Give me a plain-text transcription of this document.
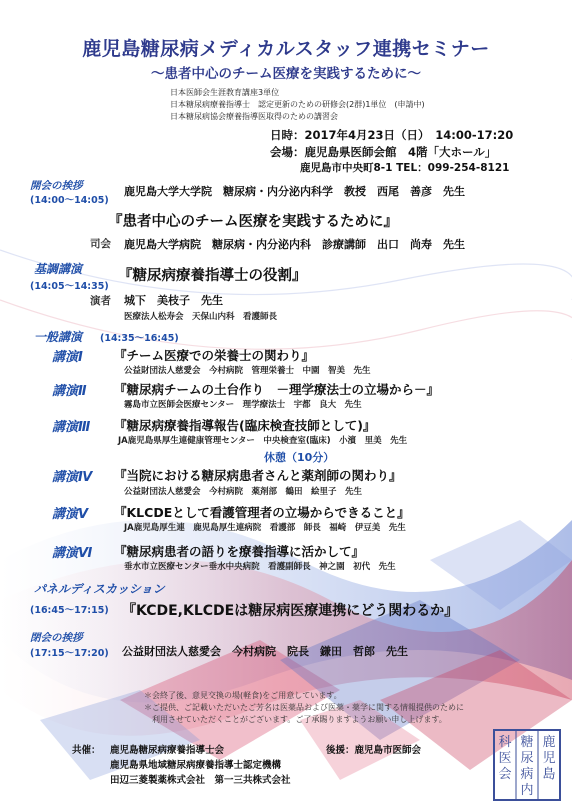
鹿児島糖尿病メディカルスタッフ連携セミナー
～患者中心のチーム医療を実践するために～
日本医師会生涯教育講座3単位
日本糖尿病療養指導士　認定更新のための研修会(2群)1単位　(申請中)
日本糖尿病協会療養指導医取得のための講習会
日時：2017年4月23日（日）　14:00-17:20
会場：鹿児島県医師会館　4階「大ホール」
鹿児島市中央町8-1 TEL：099-254-8121
開会の挨拶
(14:00～14:05)
鹿児島大学大学院　糖尿病・内分泌内科学　教授　西尾　善彦　先生
『患者中心のチーム医療を実践するために』
司会 鹿児島大学病院　糖尿病・内分泌内科　診療講師　出口　尚寿　先生
基調講演
(14:05～14:35)
『糖尿病療養指導士の役割』
演者 城下　美枝子　先生
医療法人松寿会　天保山内科　看護師長
一般講演 (14:35～16:45)
講演Ⅰ 『チーム医療での栄養士の関わり』
公益財団法人慈愛会　今村病院　管理栄養士　中園　智美　先生
講演Ⅱ 『糖尿病チームの土台作り　－理学療法士の立場から－』
霧島市立医師会医療センター　理学療法士　宇都　良大　先生
講演Ⅲ 『糖尿病療養指導報告(臨床検査技師として)』
JA鹿児島県厚生連健康管理センター　中央検査室(臨床)　小濱　里美　先生
休憩（10分）
講演Ⅳ 『当院における糖尿病患者さんと薬剤師の関わり』
公益財団法人慈愛会　今村病院　薬剤部　鶴田　絵里子　先生
講演Ⅴ 『KLCDEとして看護管理者の立場からできること』
JA鹿児島厚生連　鹿児島厚生連病院　看護部　師長　福崎　伊豆美　先生
講演Ⅵ 『糖尿病患者の語りを療養指導に活かして』
垂水市立医療センター垂水中央病院　看護副師長　神之園　初代　先生
パネルディスカッション
(16:45～17:15) 『KCDE,KLCDEは糖尿病医療連携にどう関わるか』
閉会の挨拶
(17:15～17:20) 公益財団法人慈愛会　今村病院　院長　鎌田　哲郎　先生
＊会終了後、意見交換の場(軽食)をご用意しています。
＊ご提供、ご記載いただいたご芳名は医薬品および医薬・薬学に関する情報提供のために
利用させていただくことがございます。ご了承賜りますようお願い申し上げます。
共催： 鹿児島糖尿病療養指導士会
鹿児島県地域糖尿病療養指導士認定機構
田辺三菱製薬株式会社　第一三共株式会社
後援：鹿児島市医師会
鹿
児
島
糖
尿
病
内
科
医
会
